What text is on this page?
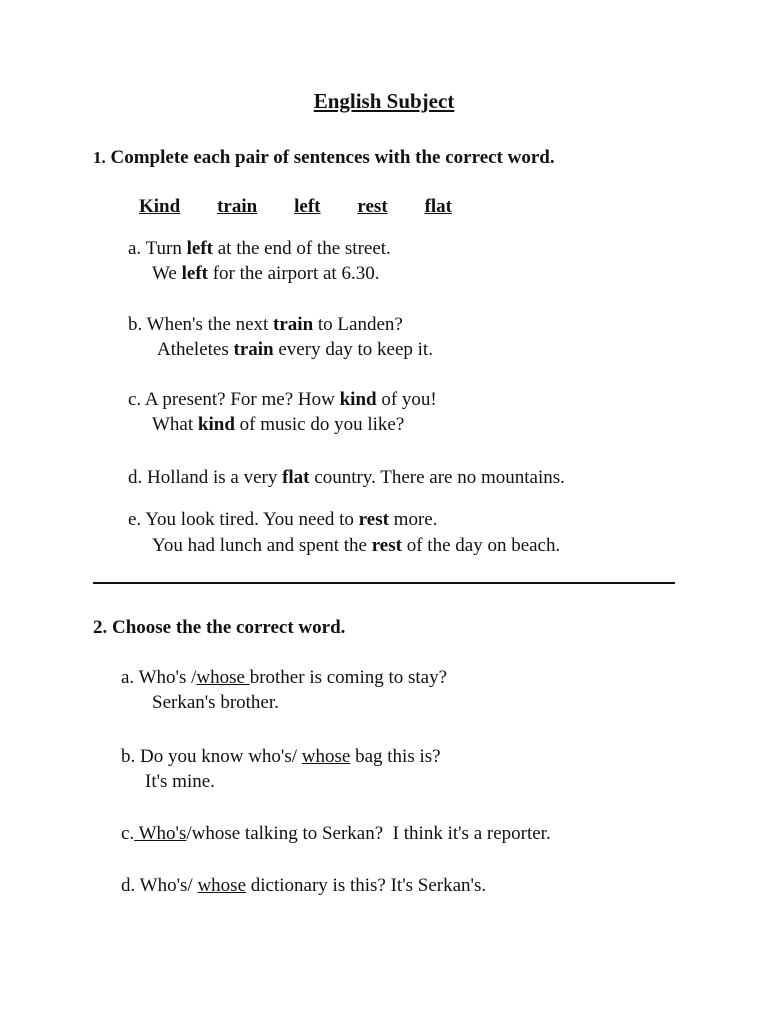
English Subject
1. Complete each pair of sentences with the correct word.
Kind train left rest flat
a. Turn left at the end of the street.
We left for the airport at 6.30.
b. When's the next train to Landen?
Atheletes train every day to keep it.
c. A present? For me? How kind of you!
What kind of music do you like?
d. Holland is a very flat country. There are no mountains.
e. You look tired. You need to rest more.
You had lunch and spent the rest of the day on beach.
2. Choose the the correct word.
a. Who's /whose brother is coming to stay?
Serkan's brother.
b. Do you know who's/ whose bag this is?
It's mine.
c. Who's/whose talking to Serkan?  I think it's a reporter.
d. Who's/ whose dictionary is this? It's Serkan's.
